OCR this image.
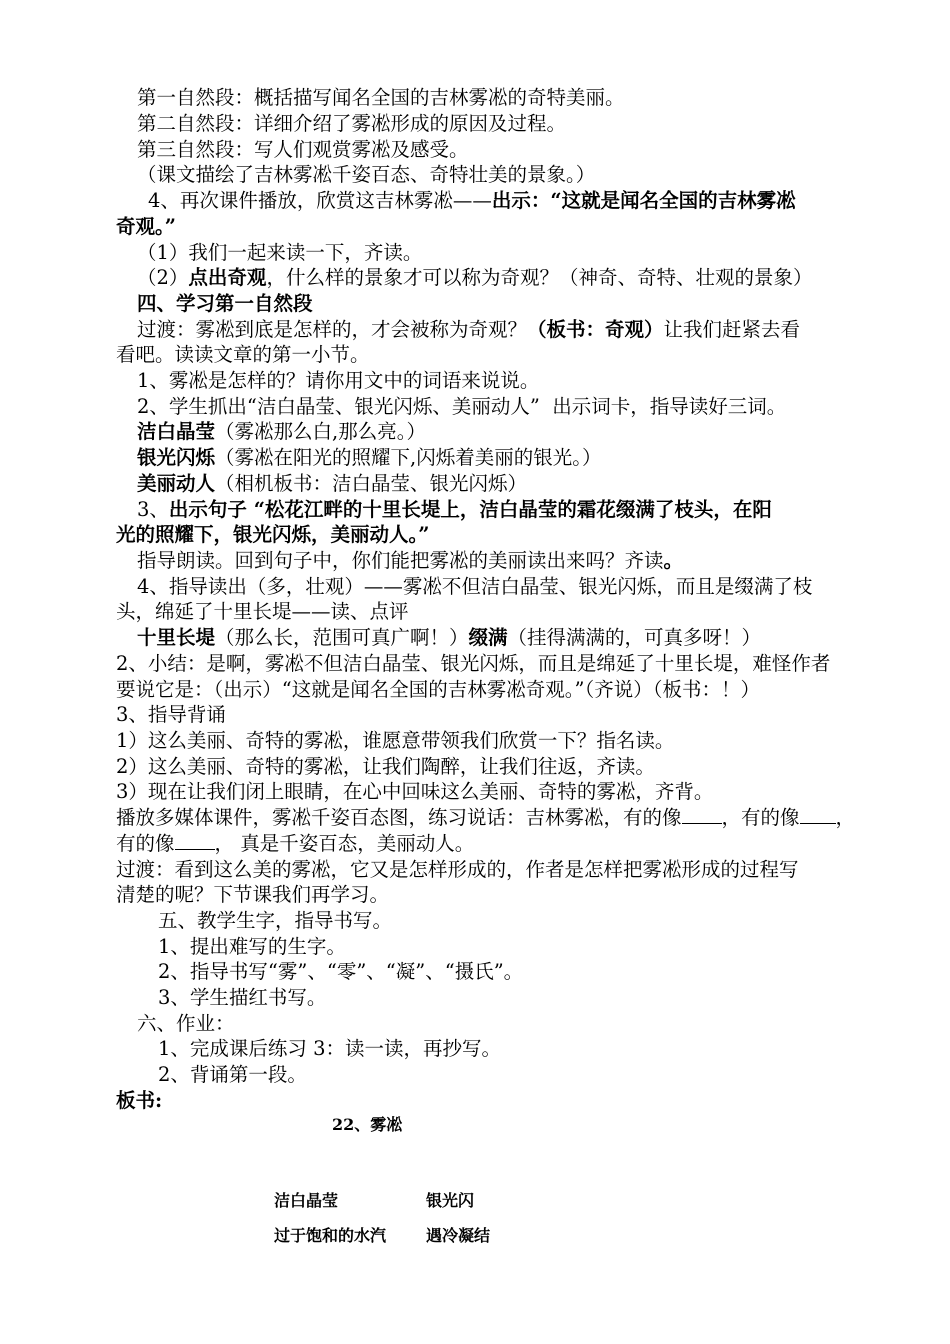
第一自然段：概括描写闻名全国的吉林雾凇的奇特美丽。
第二自然段：详细介绍了雾凇形成的原因及过程。
第三自然段：写人们观赏雾凇及感受。
（课文描绘了吉林雾凇千姿百态、奇特壮美的景象。）
4、再次课件播放，欣赏这吉林雾凇——出示：“这就是闻名全国的吉林雾凇
奇观。”
（1）我们一起来读一下，齐读。
（2）点出奇观，什么样的景象才可以称为奇观？（神奇、奇特、壮观的景象）
四、学习第一自然段
过渡：雾凇到底是怎样的，才会被称为奇观？（板书：奇观）让我们赶紧去看
看吧。读读文章的第一小节。
1、雾凇是怎样的？请你用文中的词语来说说。
2、学生抓出“洁白晶莹、银光闪烁、美丽动人”  出示词卡，指导读好三词。
洁白晶莹（雾凇那么白,那么亮。）
银光闪烁（雾凇在阳光的照耀下,闪烁着美丽的银光。）
美丽动人（相机板书：洁白晶莹、银光闪烁）
3、出示句子 “松花江畔的十里长堤上，洁白晶莹的霜花缀满了枝头，在阳
光的照耀下，银光闪烁，美丽动人。”
指导朗读。回到句子中，你们能把雾凇的美丽读出来吗？齐读。
4、指导读出（多，壮观）——雾凇不但洁白晶莹、银光闪烁，而且是缀满了枝
头，绵延了十里长堤——读、点评
十里长堤（那么长，范围可真广啊！）缀满（挂得满满的，可真多呀！）
2、小结：是啊，雾凇不但洁白晶莹、银光闪烁，而且是绵延了十里长堤，难怪作者
要说它是：（出示）“这就是闻名全国的吉林雾凇奇观。”（齐说）（板书：！）
3、指导背诵
1）这么美丽、奇特的雾凇，谁愿意带领我们欣赏一下？指名读。
2）这么美丽、奇特的雾凇，让我们陶醉，让我们往返，齐读。
3）现在让我们闭上眼睛，在心中回味这么美丽、奇特的雾凇，齐背。
播放多媒体课件，雾凇千姿百态图，练习说话：吉林雾凇，有的像 ，有的像 ，
有的像 ， 真是千姿百态，美丽动人。
过渡：看到这么美的雾凇，它又是怎样形成的，作者是怎样把雾凇形成的过程写
清楚的呢？下节课我们再学习。
五、教学生字，指导书写。
1、提出难写的生字。
2、指导书写“雾”、“零”、“凝”、“摄氏”。
3、学生描红书写。
六、作业：
1、完成课后练习 3：读一读，再抄写。
2、背诵第一段。
板书:
22、雾凇
洁白晶莹	银光闪
过于饱和的水汽 遇冷凝结
